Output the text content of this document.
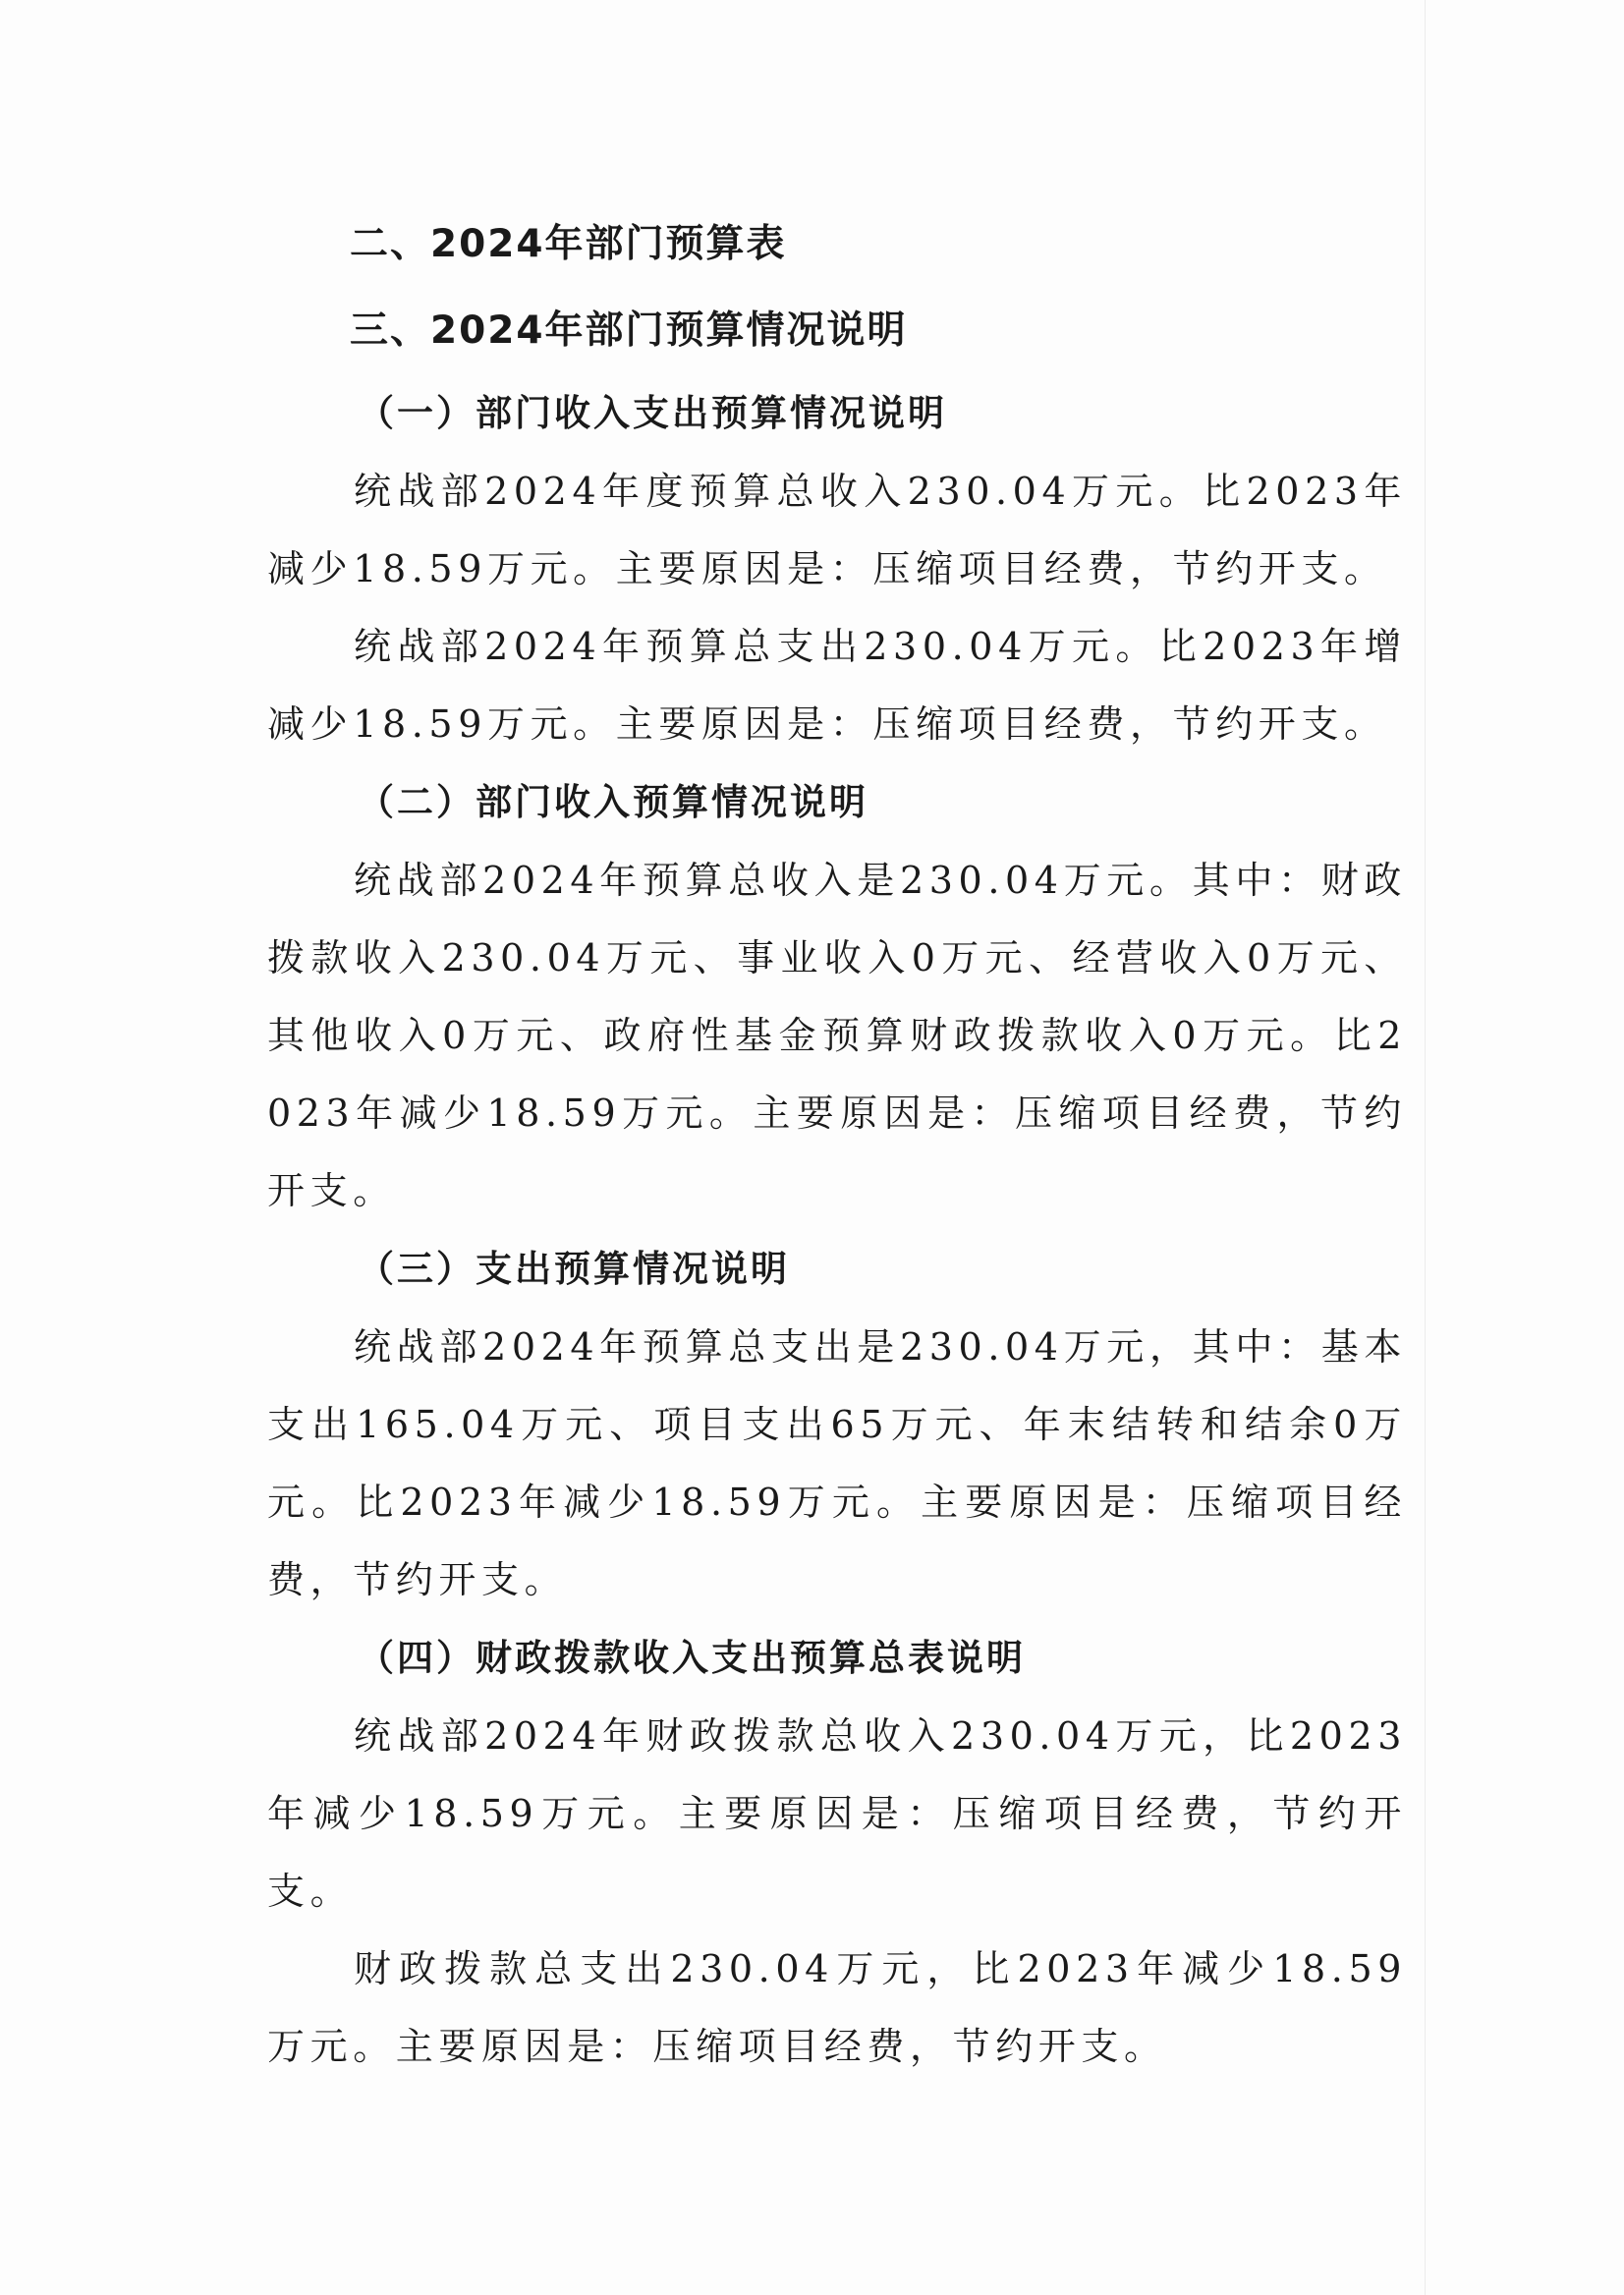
二、2024年部门预算表
三、2024年部门预算情况说明
（一）部门收入支出预算情况说明

统战部2024年度预算总收入230.04万元。比2023年减少18.59万元。主要原因是：压缩项目经费，节约开支。

统战部2024年预算总支出230.04万元。比2023年增减少18.59万元。主要原因是：压缩项目经费，节约开支。

（二）部门收入预算情况说明

统战部2024年预算总收入是230.04万元。其中：财政拨款收入230.04万元、事业收入0万元、经营收入0万元、其他收入0万元、政府性基金预算财政拨款收入0万元。比2023年减少18.59万元。主要原因是：压缩项目经费，节约开支。

（三）支出预算情况说明

统战部2024年预算总支出是230.04万元，其中：基本支出165.04万元、项目支出65万元、年末结转和结余0万元。比2023年减少18.59万元。主要原因是：压缩项目经费，节约开支。

（四）财政拨款收入支出预算总表说明

统战部2024年财政拨款总收入230.04万元，比2023年减少18.59万元。主要原因是：压缩项目经费，节约开支。

财政拨款总支出230.04万元，比2023年减少18.59万元。主要原因是：压缩项目经费，节约开支。
